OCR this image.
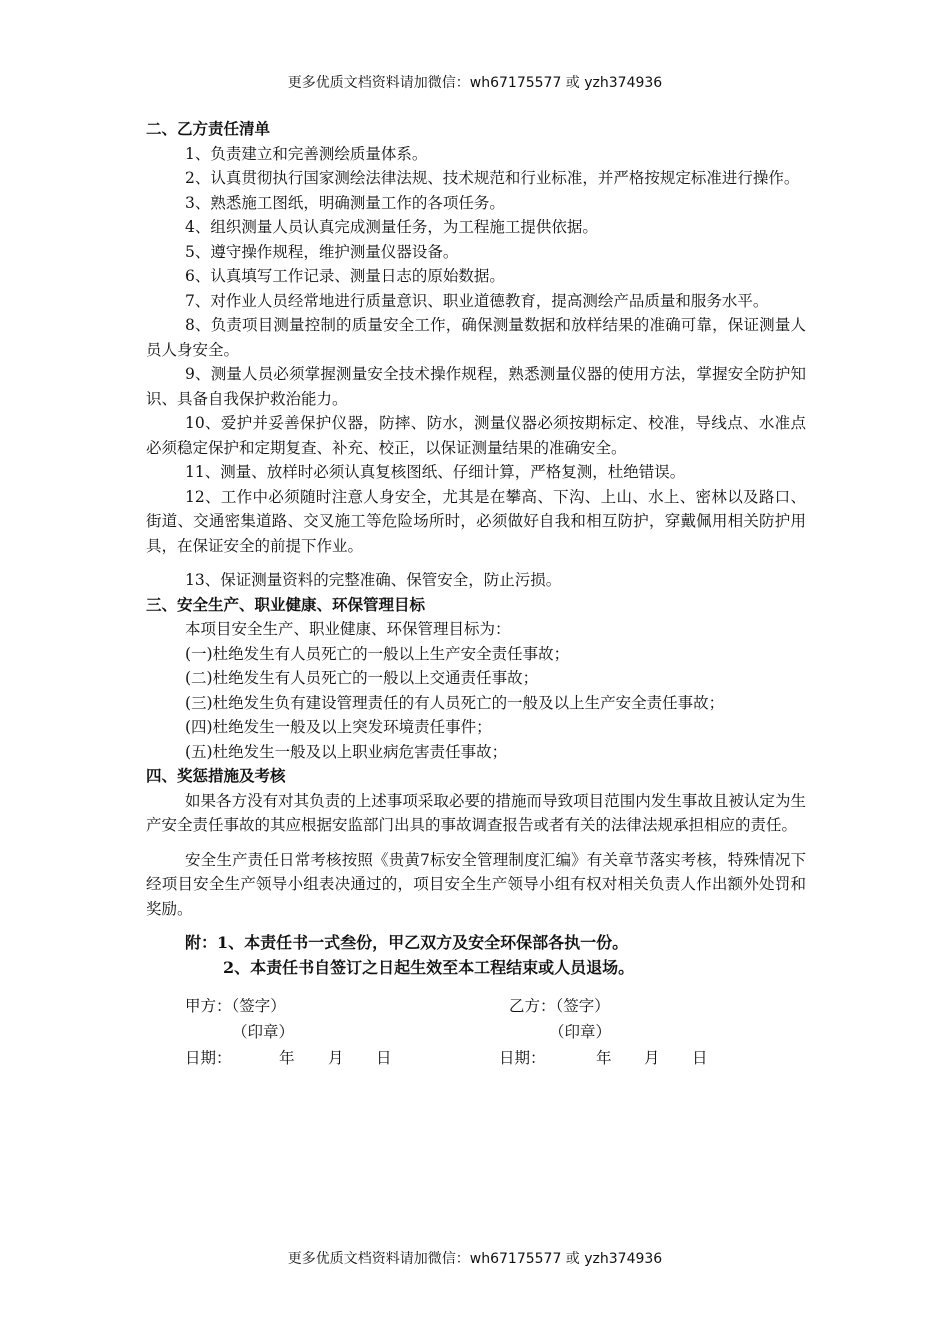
更多优质文档资料请加微信：wh67175577 或 yzh374936

二、乙方责任清单

1、负责建立和完善测绘质量体系。

2、认真贯彻执行国家测绘法律法规、技术规范和行业标准，并严格按规定标准进行操作。

3、熟悉施工图纸，明确测量工作的各项任务。

4、组织测量人员认真完成测量任务，为工程施工提供依据。

5、遵守操作规程，维护测量仪器设备。

6、认真填写工作记录、测量日志的原始数据。

7、对作业人员经常地进行质量意识、职业道德教育，提高测绘产品质量和服务水平。

8、负责项目测量控制的质量安全工作，确保测量数据和放样结果的准确可靠，保证测量人员人身安全。

9、测量人员必须掌握测量安全技术操作规程，熟悉测量仪器的使用方法，掌握安全防护知识、具备自我保护救治能力。

10、爱护并妥善保护仪器，防摔、防水，测量仪器必须按期标定、校准，导线点、水准点必须稳定保护和定期复查、补充、校正，以保证测量结果的准确安全。

11、测量、放样时必须认真复核图纸、仔细计算，严格复测，杜绝错误。

12、工作中必须随时注意人身安全，尤其是在攀高、下沟、上山、水上、密林以及路口、街道、交通密集道路、交叉施工等危险场所时，必须做好自我和相互防护，穿戴佩用相关防护用具，在保证安全的前提下作业。

13、保证测量资料的完整准确、保管安全，防止污损。

三、安全生产、职业健康、环保管理目标

本项目安全生产、职业健康、环保管理目标为：

(一)杜绝发生有人员死亡的一般以上生产安全责任事故；

(二)杜绝发生有人员死亡的一般以上交通责任事故；

(三)杜绝发生负有建设管理责任的有人员死亡的一般及以上生产安全责任事故；

(四)杜绝发生一般及以上突发环境责任事件；

(五)杜绝发生一般及以上职业病危害责任事故；

四、奖惩措施及考核

如果各方没有对其负责的上述事项采取必要的措施而导致项目范围内发生事故且被认定为生产安全责任事故的其应根据安监部门出具的事故调查报告或者有关的法律法规承担相应的责任。

安全生产责任日常考核按照《贵黄7标安全管理制度汇编》有关章节落实考核，特殊情况下经项目安全生产领导小组表决通过的，项目安全生产领导小组有权对相关负责人作出额外处罚和奖励。

附：1、本责任书一式叁份，甲乙双方及安全环保部各执一份。

2、本责任书自签订之日起生效至本工程结束或人员退场。

甲方：（签字）	乙方：（签字）
（印章）	（印章）
日期：	年 月 日	日期：	年 月 日
更多优质文档资料请加微信：wh67175577 或 yzh374936
